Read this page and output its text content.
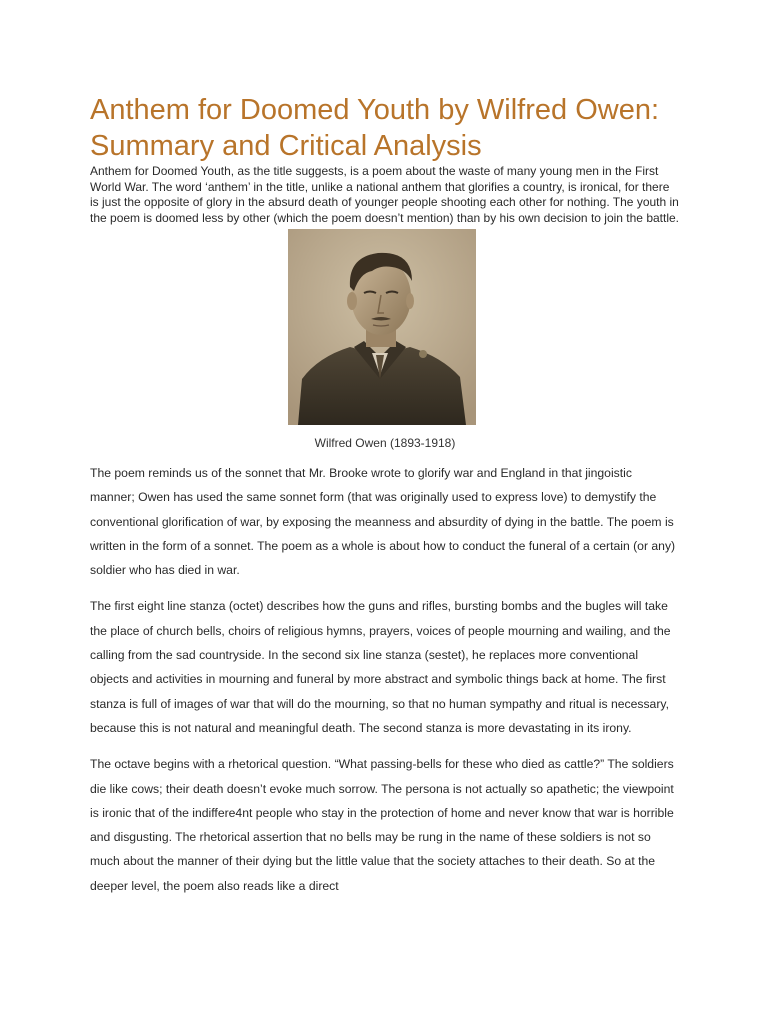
Anthem for Doomed Youth by Wilfred Owen: Summary and Critical Analysis

Anthem for Doomed Youth, as the title suggests, is a poem about the waste of many young men in the First World War. The word ‘anthem’ in the title, unlike a national anthem that glorifies a country, is ironical, for there is just the opposite of glory in the absurd death of younger people shooting each other for nothing. The youth in the poem is doomed less by other (which the poem doesn’t mention) than by his own decision to join the battle.

Wilfred Owen (1893-1918)

The poem reminds us of the sonnet that Mr. Brooke wrote to glorify war and England in that jingoistic manner; Owen has used the same sonnet form (that was originally used to express love) to demystify the conventional glorification of war, by exposing the meanness and absurdity of dying in the battle. The poem is written in the form of a sonnet. The poem as a whole is about how to conduct the funeral of a certain (or any) soldier who has died in war.

The first eight line stanza (octet) describes how the guns and rifles, bursting bombs and the bugles will take the place of church bells, choirs of religious hymns, prayers, voices of people mourning and wailing, and the calling from the sad countryside. In the second six line stanza (sestet), he replaces more conventional objects and activities in mourning and funeral by more abstract and symbolic things back at home. The first stanza is full of images of war that will do the mourning, so that no human sympathy and ritual is necessary, because this is not natural and meaningful death. The second stanza is more devastating in its irony.

The octave begins with a rhetorical question. “What passing-bells for these who died as cattle?” The soldiers die like cows; their death doesn’t evoke much sorrow. The persona is not actually so apathetic; the viewpoint is ironic that of the indiffere4nt people who stay in the protection of home and never know that war is horrible and disgusting. The rhetorical assertion that no bells may be rung in the name of these soldiers is not so much about the manner of their dying but the little value that the society attaches to their death. So at the deeper level, the poem also reads like a direct
